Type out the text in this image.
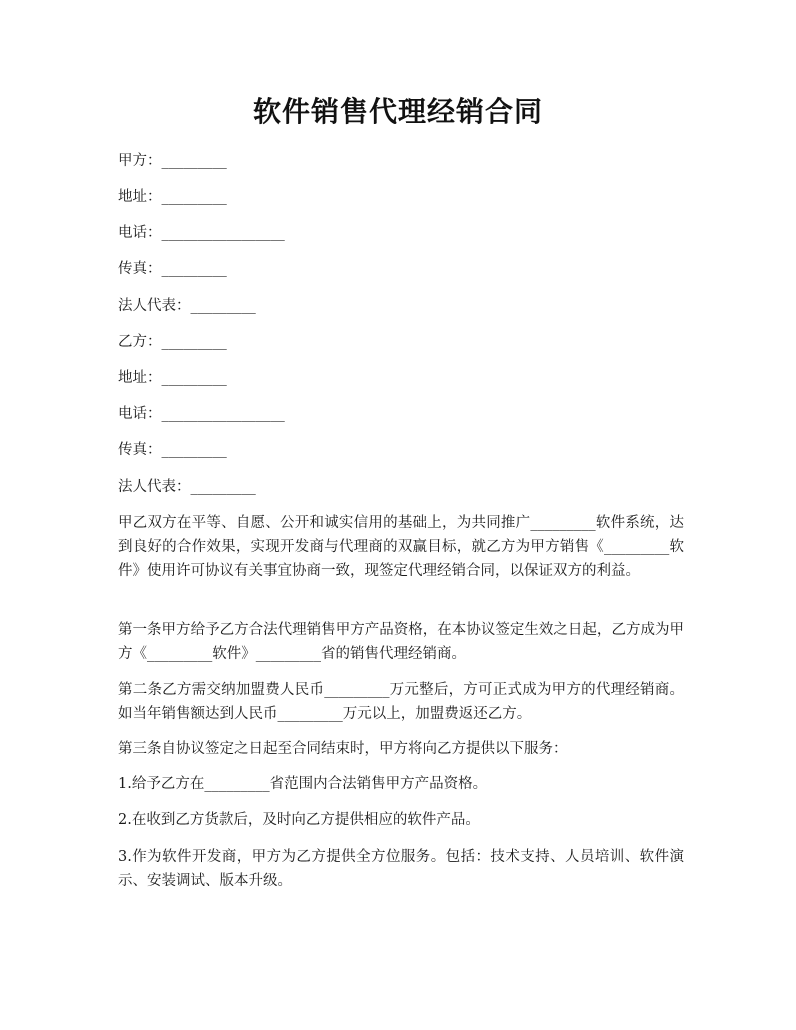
软件销售代理经销合同

甲方：_________

地址：_________

电话：_________________

传真：_________

法人代表：_________

乙方：_________

地址：_________

电话：_________________

传真：_________

法人代表：_________

甲乙双方在平等、自愿、公开和诚实信用的基础上，为共同推广_________软件系统，达到良好的合作效果，实现开发商与代理商的双赢目标，就乙方为甲方销售《_________软件》使用许可协议有关事宜协商一致，现签定代理经销合同，以保证双方的利益。

第一条甲方给予乙方合法代理销售甲方产品资格，在本协议签定生效之日起，乙方成为甲方《_________软件》_________省的销售代理经销商。

第二条乙方需交纳加盟费人民币_________万元整后，方可正式成为甲方的代理经销商。如当年销售额达到人民币_________万元以上，加盟费返还乙方。

第三条自协议签定之日起至合同结束时，甲方将向乙方提供以下服务：

1.给予乙方在_________省范围内合法销售甲方产品资格。

2.在收到乙方货款后，及时向乙方提供相应的软件产品。

3.作为软件开发商，甲方为乙方提供全方位服务。包括：技术支持、人员培训、软件演示、安装调试、版本升级。
